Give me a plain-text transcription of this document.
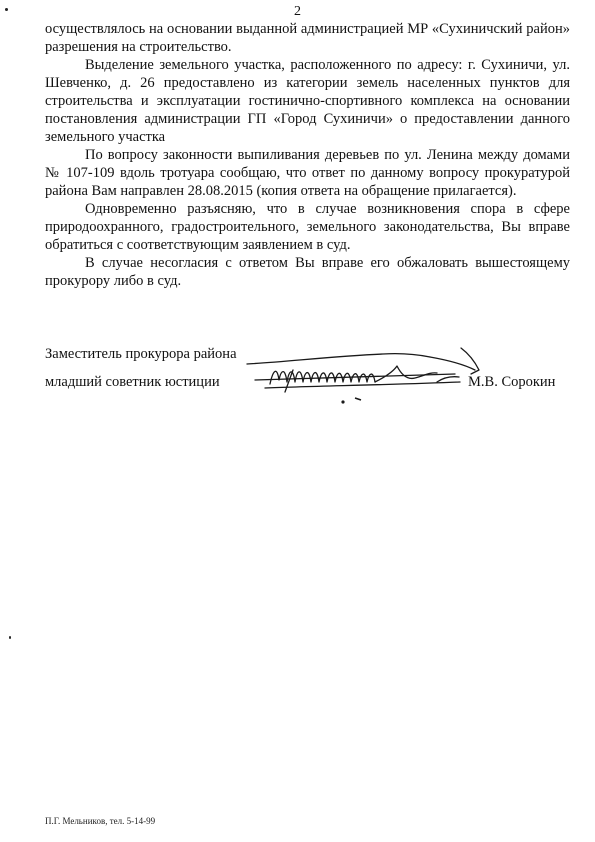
2

осуществлялось на основании выданной администрацией МР «Сухиничский район» разрешения на строительство.

Выделение земельного участка, расположенного по адресу: г. Сухиничи, ул. Шевченко, д. 26 предоставлено из категории земель населенных пунктов для строительства и эксплуатации гостинично-спортивного комплекса на основании постановления администрации ГП «Город Сухиничи» о предоставлении данного земельного участка

По вопросу законности выпиливания деревьев по ул. Ленина между домами № 107-109 вдоль тротуара сообщаю, что ответ по данному вопросу прокуратурой района Вам направлен 28.08.2015 (копия ответа на обращение прилагается).

Одновременно разъясняю, что в случае возникновения спора в сфере природоохранного, градостроительного, земельного законодательства, Вы вправе обратиться с соответствующим заявлением в суд.

В случае несогласия с ответом Вы вправе его обжаловать вышестоящему прокурору либо в суд.

Заместитель прокурора района
младший советник юстиции	М.В. Сорокин
П.Г. Мельников, тел. 5-14-99
